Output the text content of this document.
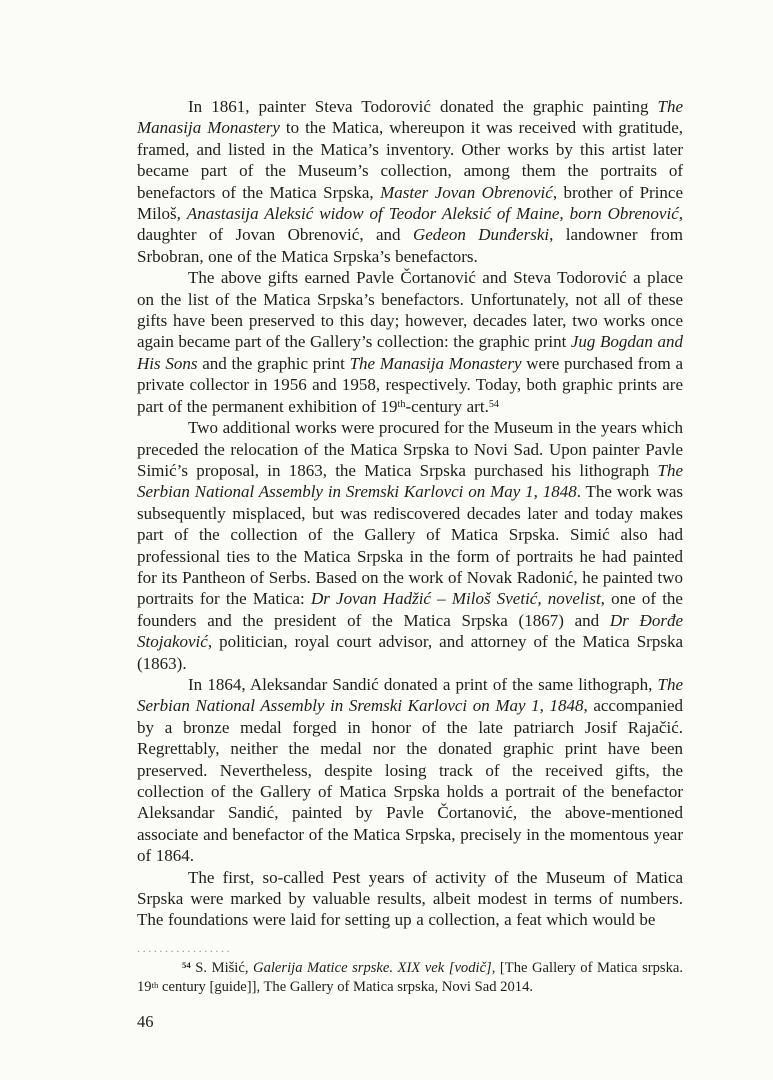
In 1861, painter Steva Todorović donated the graphic painting The Manasija Monastery to the Matica, whereupon it was received with gratitude, framed, and listed in the Matica’s inventory. Other works by this artist later became part of the Museum’s collection, among them the portraits of benefactors of the Matica Srpska, Master Jovan Obrenović, brother of Prince Miloš, Anastasija Aleksić widow of Teodor Aleksić of Maine, born Obrenović, daughter of Jovan Obrenović, and Gedeon Dunđerski, landowner from Srbobran, one of the Matica Srpska’s benefactors.

The above gifts earned Pavle Čortanović and Steva Todorović a place on the list of the Matica Srpska’s benefactors. Unfortunately, not all of these gifts have been preserved to this day; however, decades later, two works once again became part of the Gallery’s collection: the graphic print Jug Bogdan and His Sons and the graphic print The Manasija Monastery were purchased from a private collector in 1956 and 1958, respectively. Today, both graphic prints are part of the permanent exhibition of 19th-century art.$^{54}$

Two additional works were procured for the Museum in the years which preceded the relocation of the Matica Srpska to Novi Sad. Upon painter Pavle Simić’s proposal, in 1863, the Matica Srpska purchased his lithograph The Serbian National Assembly in Sremski Karlovci on May 1, 1848. The work was subsequently misplaced, but was rediscovered decades later and today makes part of the collection of the Gallery of Matica Srpska. Simić also had professional ties to the Matica Srpska in the form of portraits he had painted for its Pantheon of Serbs. Based on the work of Novak Radonić, he painted two portraits for the Matica: Dr Jovan Hadžić – Miloš Svetić, novelist, one of the founders and the president of the Matica Srpska (1867) and Dr Đorđe Stojaković, politician, royal court advisor, and attorney of the Matica Srpska (1863).

In 1864, Aleksandar Sandić donated a print of the same lithograph, The Serbian National Assembly in Sremski Karlovci on May 1, 1848, accompanied by a bronze medal forged in honor of the late patriarch Josif Rajačić. Regrettably, neither the medal nor the donated graphic print have been preserved. Nevertheless, despite losing track of the received gifts, the collection of the Gallery of Matica Srpska holds a portrait of the benefactor Aleksandar Sandić, painted by Pavle Čortanović, the above-mentioned associate and benefactor of the Matica Srpska, precisely in the momentous year of 1864.

The first, so-called Pest years of activity of the Museum of Matica Srpska were marked by valuable results, albeit modest in terms of numbers. The foundations were laid for setting up a collection, a feat which would be

.................

$^{54}$ S. Mišić, Galerija Matice srpske. XIX vek [vodič], [The Gallery of Matica srpska. 19th century [guide]], The Gallery of Matica srpska, Novi Sad 2014.

46
